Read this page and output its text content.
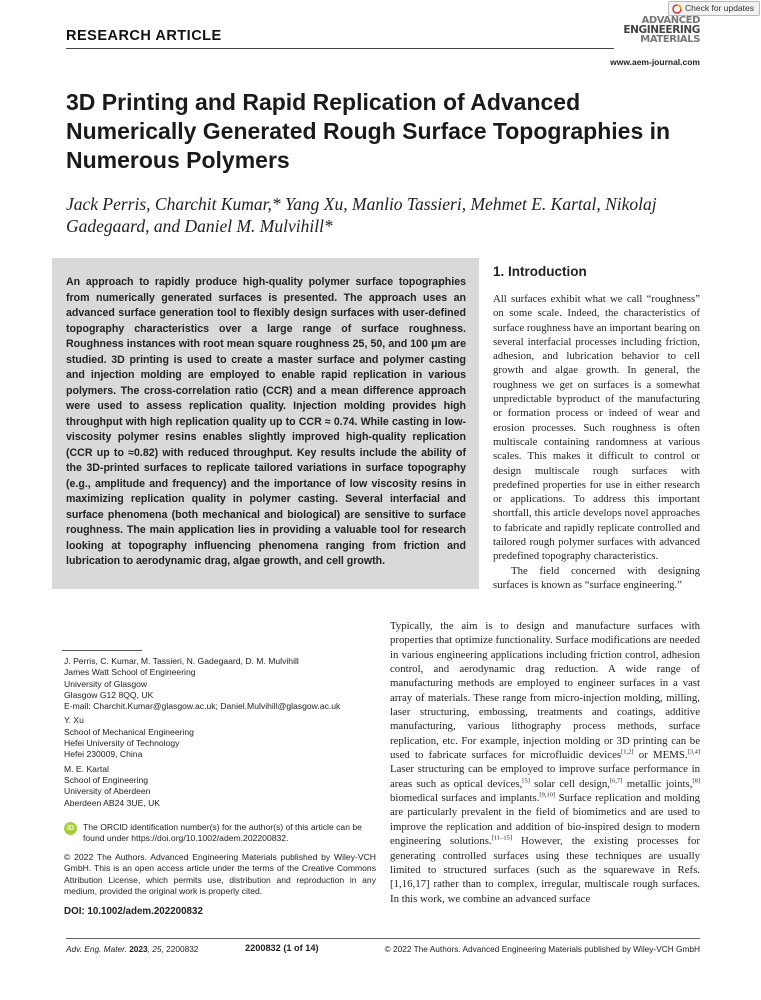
Check for updates
RESEARCH ARTICLE
ADVANCED
ENGINEERING
MATERIALS
www.aem-journal.com
3D Printing and Rapid Replication of Advanced Numerically Generated Rough Surface Topographies in Numerous Polymers
Jack Perris, Charchit Kumar,* Yang Xu, Manlio Tassieri, Mehmet E. Kartal, Nikolaj Gadegaard, and Daniel M. Mulvihill*
An approach to rapidly produce high-quality polymer surface topographies from numerically generated surfaces is presented. The approach uses an advanced surface generation tool to flexibly design surfaces with user-defined topography characteristics over a large range of surface roughness. Roughness instances with root mean square roughness 25, 50, and 100 μm are studied. 3D printing is used to create a master surface and polymer casting and injection molding are employed to enable rapid replication in various polymers. The cross-correlation ratio (CCR) and a mean difference approach were used to assess replication quality. Injection molding provides high throughput with high replication quality up to CCR ≈ 0.74. While casting in low-viscosity polymer resins enables slightly improved high-quality replication (CCR up to ≈0.82) with reduced throughput. Key results include the ability of the 3D-printed surfaces to replicate tailored variations in surface topography (e.g., amplitude and frequency) and the importance of low viscosity resins in maximizing replication quality in polymer casting. Several interfacial and surface phenomena (both mechanical and biological) are sensitive to surface roughness. The main application lies in providing a valuable tool for research looking at topography influencing phenomena ranging from friction and lubrication to aerodynamic drag, algae growth, and cell growth.
1. Introduction

All surfaces exhibit what we call “roughness” on some scale. Indeed, the characteristics of surface roughness have an important bearing on several interfacial processes including friction, adhesion, and lubrication behavior to cell growth and algae growth. In general, the roughness we get on surfaces is a somewhat unpredictable byproduct of the manufacturing or formation process or indeed of wear and erosion processes. Such roughness is often multiscale containing randomness at various scales. This makes it difficult to control or design multiscale rough surfaces with predefined properties for use in either research or applications. To address this important shortfall, this article develops novel approaches to fabricate and rapidly replicate controlled and tailored rough polymer surfaces with advanced predefined topography characteristics.

The field concerned with designing surfaces is known as “surface engineering.”

Typically, the aim is to design and manufacture surfaces with properties that optimize functionality. Surface modifications are needed in various engineering applications including friction control, adhesion control, and aerodynamic drag reduction. A wide range of manufacturing methods are employed to engineer surfaces in a vast array of materials. These range from micro-injection molding, milling, laser structuring, embossing, treatments and coatings, additive manufacturing, various lithography process methods, surface replication, etc. For example, injection molding or 3D printing can be used to fabricate surfaces for microfluidic devices[1,2] or MEMS.[3,4] Laser structuring can be employed to improve surface performance in areas such as optical devices,[5] solar cell design,[6,7] metallic joints,[8] biomedical surfaces and implants.[9,10] Surface replication and molding are particularly prevalent in the field of biomimetics and are used to improve the replication and addition of bio-inspired design to modern engineering solutions.[11–15] However, the existing processes for generating controlled surfaces using these techniques are usually limited to structured surfaces (such as the squarewave in Refs. [1,16,17] rather than to complex, irregular, multiscale rough surfaces. In this work, we combine an advanced surface
J. Perris, C. Kumar, M. Tassieri, N. Gadegaard, D. M. Mulvihill
James Watt School of Engineering
University of Glasgow
Glasgow G12 8QQ, UK
E-mail: Charchit.Kumar@glasgow.ac.uk; Daniel.Mulvihill@glasgow.ac.uk
Y. Xu
School of Mechanical Engineering
Hefei University of Technology
Hefei 230009, China
M. E. Kartal
School of Engineering
University of Aberdeen
Aberdeen AB24 3UE, UK
iD	The ORCID identification number(s) for the author(s) of this article can be found under https://doi.org/10.1002/adem.202200832.
© 2022 The Authors. Advanced Engineering Materials published by Wiley-VCH GmbH. This is an open access article under the terms of the Creative Commons Attribution License, which permits use, distribution and reproduction in any medium, provided the original work is properly cited.
DOI: 10.1002/adem.202200832
Adv. Eng. Mater. 2023, 25, 2200832	2200832 (1 of 14)	© 2022 The Authors. Advanced Engineering Materials published by Wiley-VCH GmbH
